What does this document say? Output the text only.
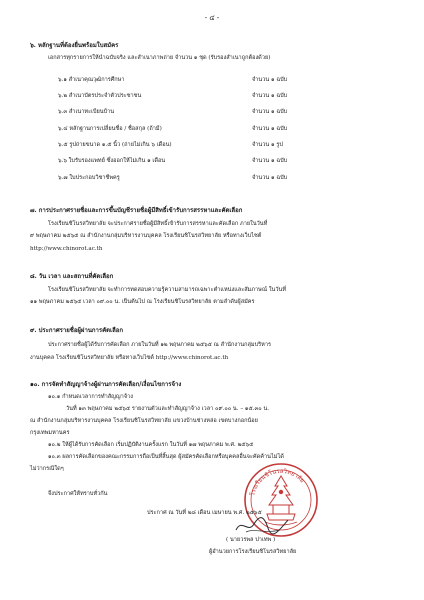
- ๔ -
๖. หลักฐานที่ต้องยื่นพร้อมใบสมัคร
เอกสารทุกรายการให้นำฉบับจริง และสำเนาภาพถ่าย จำนวน ๑ ชุด (รับรองสำเนาถูกต้องด้วย)
๖.๑ สำเนาคุณวุฒิการศึกษา	จำนวน ๑ ฉบับ
๖.๒ สำเนาบัตรประจำตัวประชาชน	จำนวน ๑ ฉบับ
๖.๓ สำเนาทะเบียนบ้าน	จำนวน ๑ ฉบับ
๖.๔ หลักฐานการเปลี่ยนชื่อ / ชื่อสกุล (ถ้ามี)	จำนวน ๑ ฉบับ
๖.๕ รูปถ่ายขนาด ๑.๕ นิ้ว (ถ่ายไม่เกิน ๖ เดือน)	จำนวน ๑ รูป
๖.๖ ใบรับรองแพทย์ ซึ่งออกให้ไม่เกิน ๑ เดือน	จำนวน ๑ ฉบับ
๖.๗ ใบประกอบวิชาชีพครู	จำนวน ๑ ฉบับ
๗. การประกาศรายชื่อและการขึ้นบัญชีรายชื่อผู้มีสิทธิ์เข้ารับการสรรหาและคัดเลือก
โรงเรียนชิโนรสวิทยาลัย จะประกาศรายชื่อผู้มีสิทธิ์เข้ารับการสรรหาและคัดเลือก ภายในวันที่
๙ พฤษภาคม ๒๕๖๕ ณ สำนักงานกลุ่มบริหารงานบุคคล โรงเรียนชิโนรสวิทยาลัย หรือทางเว็บไซต์
http://www.chinorot.ac.th
๘. วัน เวลา และสถานที่คัดเลือก
โรงเรียนชิโนรสวิทยาลัย จะทำการทดสอบความรู้ความสามารถเฉพาะตำแหน่งและสัมภาษณ์ ในวันที่
๑๑ พฤษภาคม ๒๕๖๕ เวลา ๐๙.๐๐ น. เป็นต้นไป ณ โรงเรียนชิโนรสวิทยาลัย ตามลำดับผู้สมัคร
๙. ประกาศรายชื่อผู้ผ่านการคัดเลือก
ประกาศรายชื่อผู้ได้รับการคัดเลือก ภายในวันที่ ๑๒ พฤษภาคม ๒๕๖๕ ณ สำนักงานกลุ่มบริหาร
งานบุคคล โรงเรียนชิโนรสวิทยาลัย หรือทางเว็บไซต์ http://www.chinorot.ac.th
๑๐. การจัดทำสัญญาจ้างผู้ผ่านการคัดเลือก/เงื่อนไขการจ้าง
๑๐.๑ กำหนดเวลาการทำสัญญาจ้าง
วันที่ ๑๓ พฤษภาคม ๒๕๖๕ รายงานตัวและทำสัญญาจ้าง เวลา ๐๙.๐๐ น. – ๑๕.๓๐ น.
ณ สำนักงานกลุ่มบริหารงานบุคคล โรงเรียนชิโนรสวิทยาลัย แขวงบ้านช่างหล่อ เขตบางกอกน้อย
กรุงเทพมหานคร
๑๐.๒ ให้ผู้ได้รับการคัดเลือก เริ่มปฏิบัติงานครั้งแรก ในวันที่ ๑๗ พฤษภาคม พ.ศ. ๒๕๖๕
๑๐.๓ ผลการคัดเลือกของคณะกรรมการถือเป็นที่สิ้นสุด ผู้สมัครคัดเลือกหรือบุคคลอื่นจะคัดค้านไม่ได้
ไม่ว่ากรณีใดๆ
จึงประกาศให้ทราบทั่วกัน	โรงเรียนชิโนรสวิทยาลัย
ประกาศ ณ วันที่ ๒๘ เดือน เมษายน พ.ศ. ๒๕๖๕
( นายวรพล ปาเทพ )
ผู้อำนวยการโรงเรียนชิโนรสวิทยาลัย
